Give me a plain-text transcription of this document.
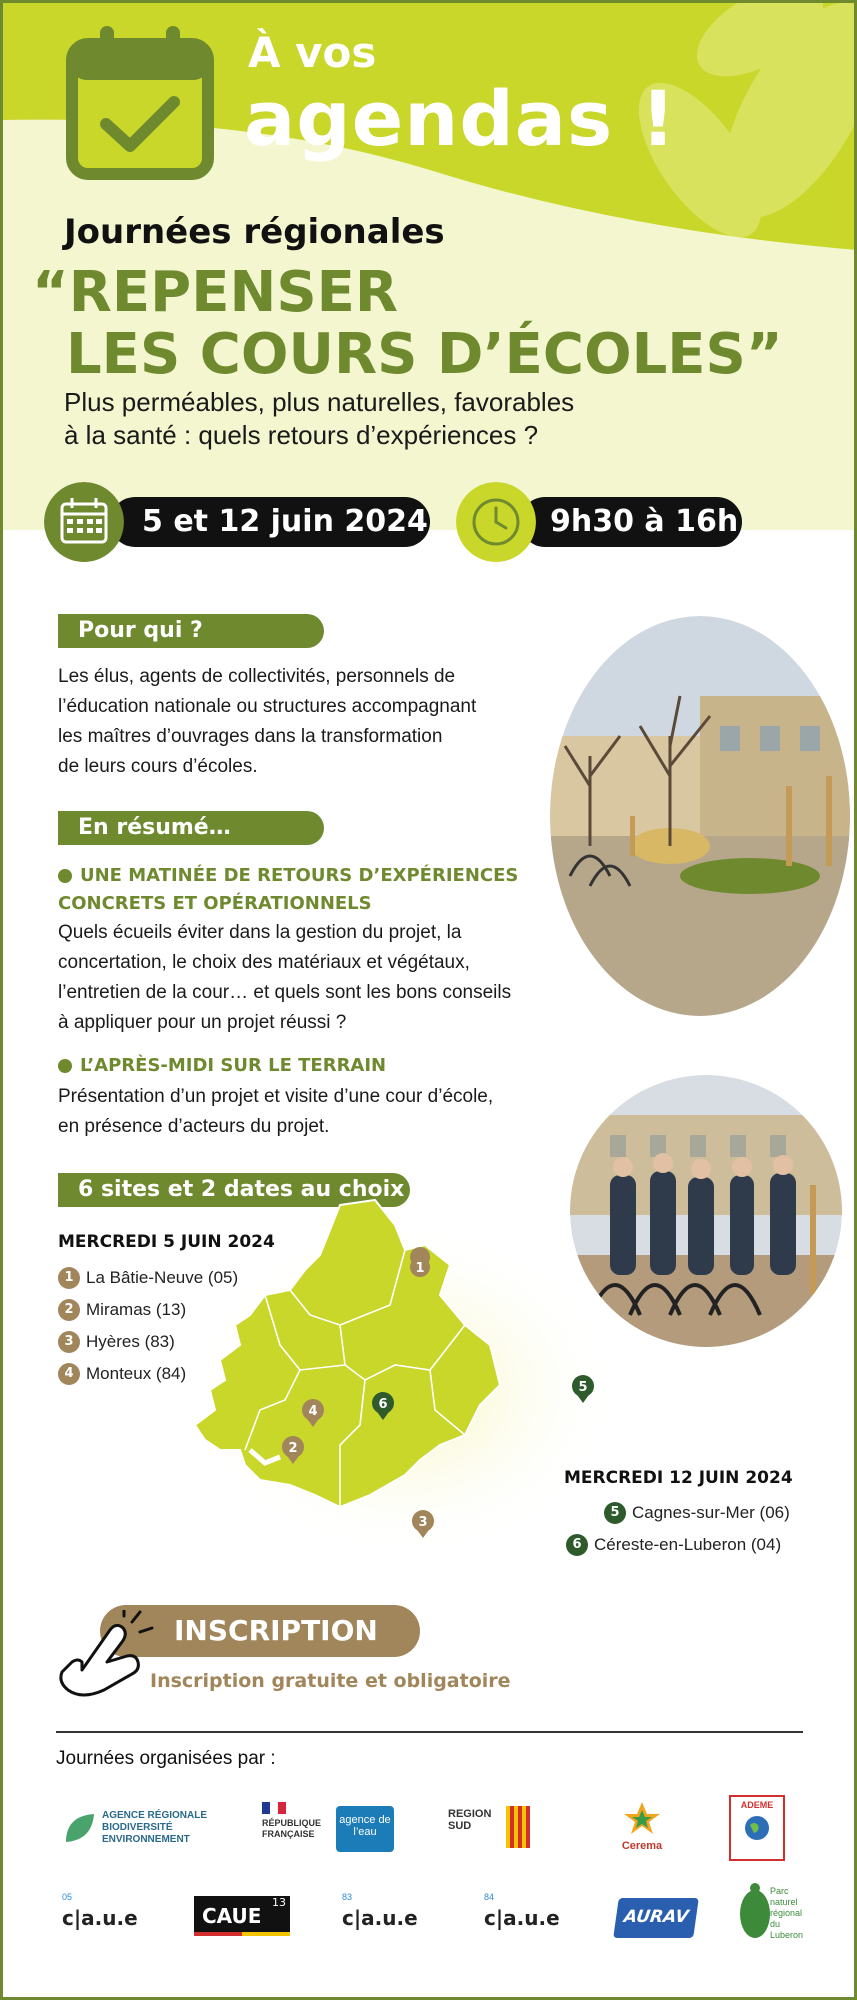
À vos
agendas !
Journées régionales
“REPENSER
LES COURS D’ÉCOLES”
Plus perméables, plus naturelles, favorables
à la santé : quels retours d’expériences ?
5 et 12 juin 2024	9h30 à 16h
Pour qui ?
Les élus, agents de collectivités, personnels de
l’éducation nationale ou structures accompagnant
les maîtres d’ouvrages dans la transformation
de leurs cours d’écoles.
En résumé…
UNE MATINÉE DE RETOURS D’EXPÉRIENCES
CONCRETS ET OPÉRATIONNELS
Quels écueils éviter dans la gestion du projet, la
concertation, le choix des matériaux et végétaux,
l’entretien de la cour… et quels sont les bons conseils
à appliquer pour un projet réussi ?
L’APRÈS-MIDI SUR LE TERRAIN
Présentation d’un projet et visite d’une cour d’école,
en présence d’acteurs du projet.
6 sites et 2 dates au choix
MERCREDI 5 JUIN 2024
1 La Bâtie-Neuve (05)
2 Miramas (13)
3 Hyères (83)
4 Monteux (84)
1
4
2
3
6
5
MERCREDI 12 JUIN 2024
5 Cagnes-sur-Mer (06)
6 Céreste-en-Luberon (04)
INSCRIPTION
Inscription gratuite et obligatoire
Journées organisées par :
AGENCE RÉGIONALE BIODIVERSITÉ ENVIRONNEMENT
RÉPUBLIQUE FRANÇAISE
agence de l’eau
REGION SUD
Cerema
ADEME
05
c|a.u.e	CAUE
13	83
c|a.u.e
84
c|a.u.e	AURAV
Parc naturel régional du Luberon
